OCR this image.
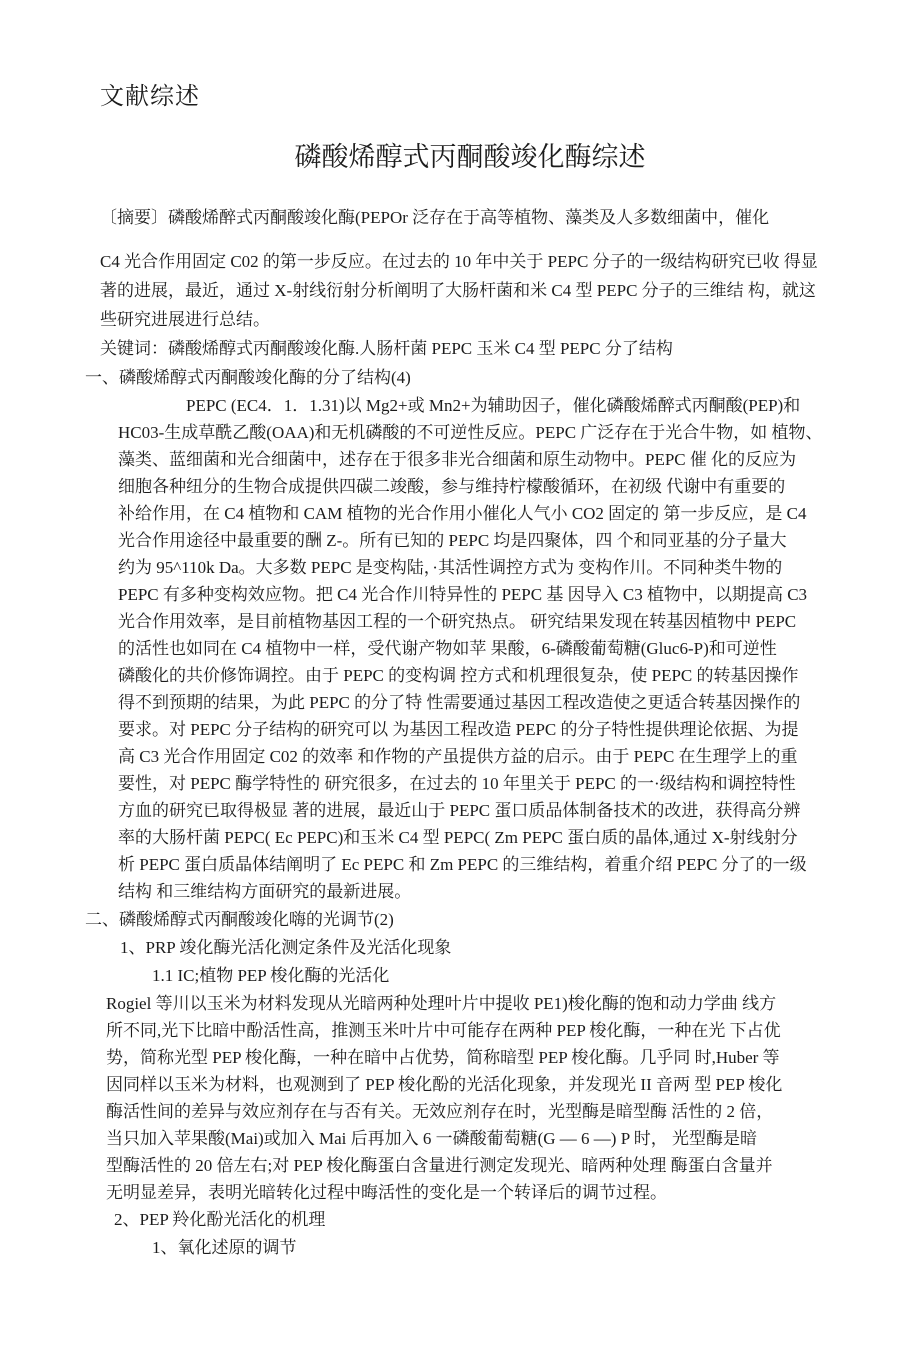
文献综述
磷酸烯醇式丙酮酸竣化酶综述
〔摘要〕磷酸烯醉式丙酮酸竣化酶(PEPOr 泛存在于高等植物、藻类及人多数细菌中，催化
C4 光合作用固定 C02 的第一步反应。在过去的 10 年中关于 PEPC 分子的一级结构研究已收 得显
著的进展，最近，通过 X-射线衍射分析阐明了大肠杆菌和米 C4 型 PEPC 分子的三维结 构，就这
些研究进展进行总结。
关键词：磷酸烯醇式丙酮酸竣化酶.人肠杆菌 PEPC 玉米 C4 型 PEPC 分了结构
一、磷酸烯醇式丙酮酸竣化酶的分了结构(4)
　　　　PEPC (EC4．1．1.31)以 Mg2+或 Mn2+为辅助因子，催化磷酸烯醉式丙酮酸(PEP)和
HC03-生成草酰乙酸(OAA)和无机磷酸的不可逆性反应。PEPC 广泛存在于光合牛物，如 植物、
藻类、蓝细菌和光合细菌中，述存在于很多非光合细菌和原生动物中。PEPC 催 化的反应为
细胞各种纽分的生物合成提供四碳二竣酸，参与维持柠檬酸循环，在初级 代谢中有重要的
补给作用，在 C4 植物和 CAM 植物的光合作用小催化人气小 CO2 固定的 第一步反应，是 C4
光合作用途径中最重要的酬 Z-。所有已知的 PEPC 均是四聚体，四 个和同亚基的分子量大
约为 95^110k Da。大多数 PEPC 是变构陆，·其活性调控方式为 变构作川。不同种类牛物的
PEPC 有多种变构效应物。把 C4 光合作川特异性的 PEPC 基 因导入 C3 植物中，以期提高 C3
光合作用效率，是目前植物基因工程的一个研究热点。 研究结果发现在转基因植物中 PEPC
的活性也如同在 C4 植物中一样，受代谢产物如苹 果酸，6-磷酸葡萄糖(Gluc6-P)和可逆性
磷酸化的共价修饰调控。由于 PEPC 的变构调 控方式和机理很复杂，使 PEPC 的转基因操作
得不到预期的结果，为此 PEPC 的分了特 性需要通过基因工程改造使之更适合转基因操作的
要求。对 PEPC 分子结构的研究可以 为基因工程改造 PEPC 的分子特性提供理论依据、为提
高 C3 光合作用固定 C02 的效率 和作物的产虽提供方益的启示。由于 PEPC 在生理学上的重
要性，对 PEPC 酶学特性的 研究很多，在过去的 10 年里关于 PEPC 的一·级结构和调控特性
方血的研究已取得极显 著的进展，最近山于 PEPC 蛋口质品体制备技术的改进，获得高分辨
率的大肠杆菌 PEPC( Ec PEPC)和玉米 C4 型 PEPC( Zm PEPC 蛋白质的晶体,通过 X-射线射分
析 PEPC 蛋白质晶体结阐明了 Ec PEPC 和 Zm PEPC 的三维结构，着重介绍 PEPC 分了的一级
结构 和三维结构方面研究的最新进展。
二、磷酸烯醇式丙酮酸竣化嗨的光调节(2)
1、PRP 竣化酶光活化测定条件及光活化现象
1.1 IC;植物 PEP 梭化酶的光活化
Rogiel 等川以玉米为材料发现从光暗两种处理叶片中提收 PE1)梭化酶的饱和动力学曲 线方
所不同,光下比暗中酚活性高，推测玉米叶片中可能存在两种 PEP 梭化酶，一种在光 下占优
势，简称光型 PEP 梭化酶，一种在暗中占优势，简称暗型 PEP 梭化酶。几乎同 时,Huber 等
因同样以玉米为材料，也观测到了 PEP 梭化酚的光活化现象，并发现光 II 音两 型 PEP 梭化
酶活性间的差异与效应剂存在与否有关。无效应剂存在时，光型酶是暗型酶 活性的 2 倍，
当只加入苹果酸(Mai)或加入 Mai 后再加入 6 一磷酸葡萄糖(G — 6 —) P 时， 光型酶是暗
型酶活性的 20 倍左右;对 PEP 梭化酶蛋白含量进行测定发现光、暗两种处理 酶蛋白含量并
无明显差异，表明光暗转化过程中晦活性的变化是一个转译后的调节过程。
2、PEP 羚化酚光活化的机理
1、氧化述原的调节
